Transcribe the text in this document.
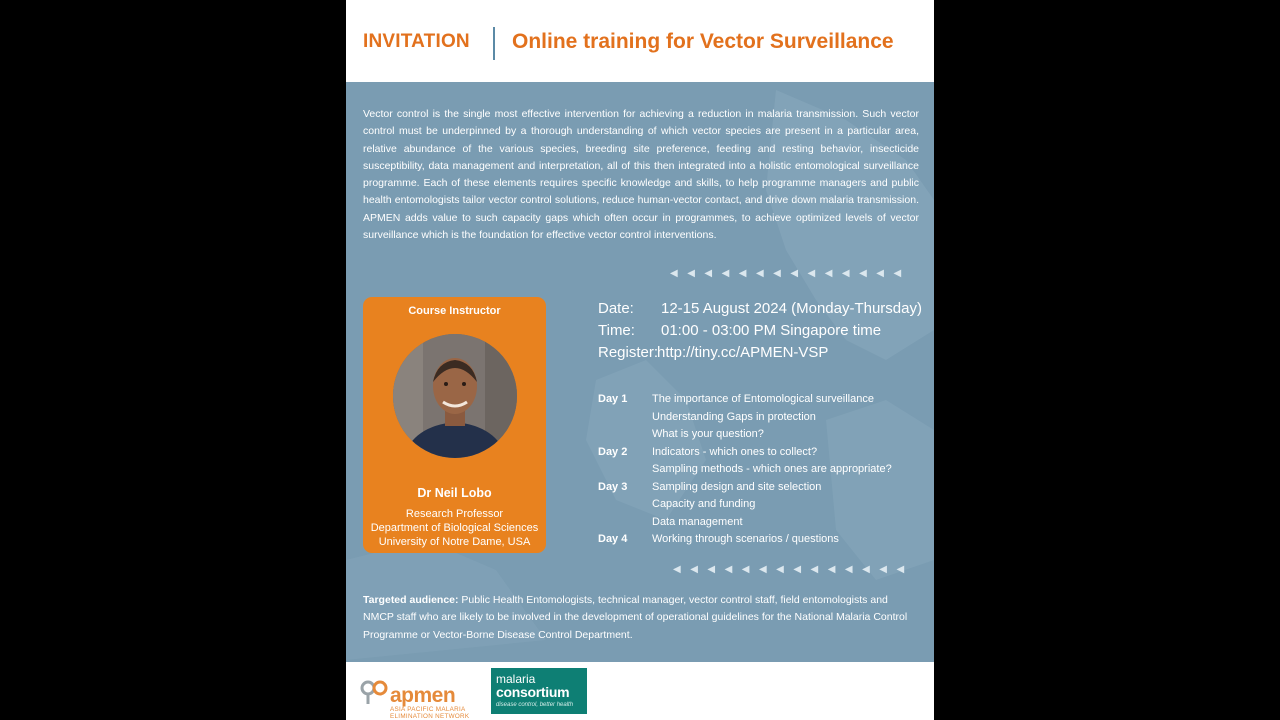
INVITATION Online training for Vector Surveillance

Vector control is the single most effective intervention for achieving a reduction in malaria transmission. Such vector control must be underpinned by a thorough understanding of which vector species are present in a particular area, relative abundance of the various species, breeding site preference, feeding and resting behavior, insecticide susceptibility, data management and interpretation, all of this then integrated into a holistic entomological surveillance programme. Each of these elements requires specific knowledge and skills, to help programme managers and public health entomologists tailor vector control solutions, reduce human-vector contact, and drive down malaria transmission. APMEN adds value to such capacity gaps which often occur in programmes, to achieve optimized levels of vector surveillance which is the foundation for effective vector control interventions.

◀◀◀◀◀◀◀◀◀◀◀◀◀◀
Course Instructor
Dr Neil Lobo
Research Professor
Department of Biological Sciences
University of Notre Dame, USA
Date: 12-15 August 2024 (Monday-Thursday)
Time: 01:00 - 03:00 PM Singapore time
Register:
http://tiny.cc/APMEN-VSP
Day 1 The importance of Entomological surveillance
Understanding Gaps in protection
What is your question?
Day 2 Indicators - which ones to collect?
Sampling methods - which ones are appropriate?
Day 3 Sampling design and site selection
Capacity and funding
Data management
Day 4 Working through scenarios / questions
◀◀◀◀◀◀◀◀◀◀◀◀◀◀

Targeted audience: Public Health Entomologists, technical manager, vector control staff, field entomologists and NMCP staff who are likely to be involved in the development of operational guidelines for the National Malaria Control Programme or Vector-Borne Disease Control Department.

apmen
ASIA PACIFIC MALARIA
ELIMINATION NETWORK
malaria
consortium
disease control, better health
